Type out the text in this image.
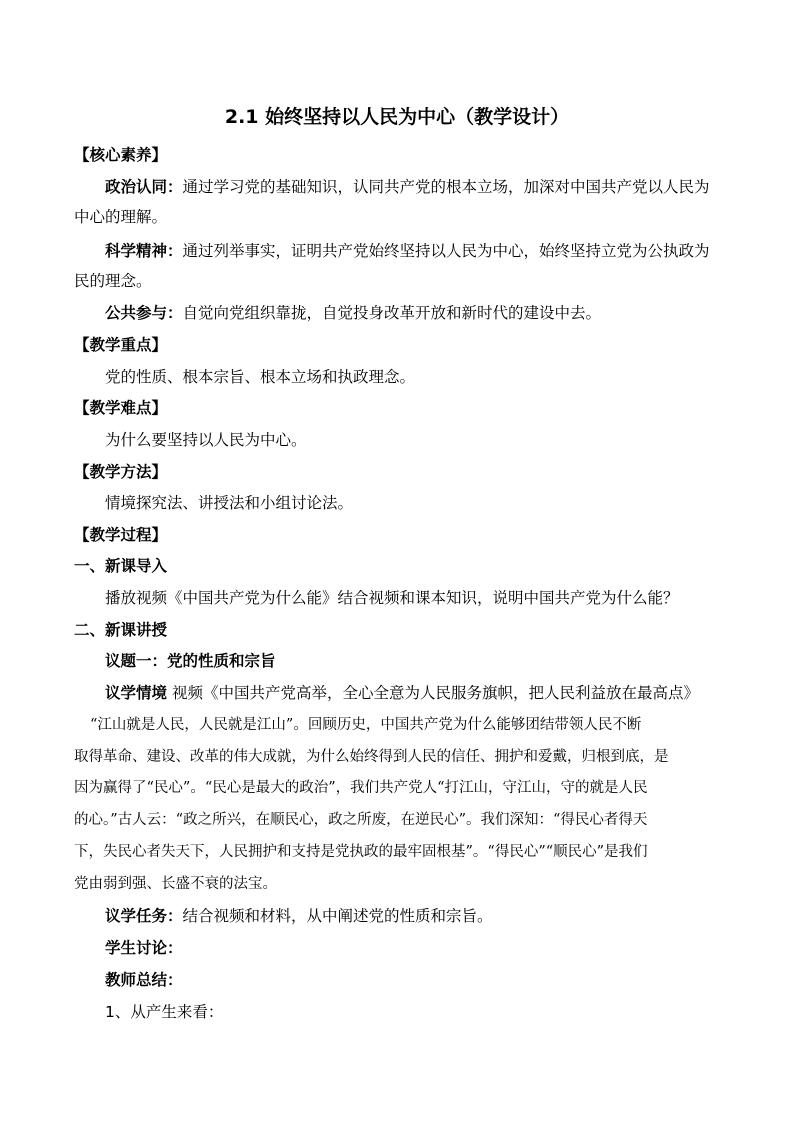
2.1 始终坚持以人民为中心（教学设计）
【核心素养】
政治认同：通过学习党的基础知识，认同共产党的根本立场，加深对中国共产党以人民为
中心的理解。
科学精神：通过列举事实，证明共产党始终坚持以人民为中心，始终坚持立党为公执政为
民的理念。
公共参与：自觉向党组织靠拢，自觉投身改革开放和新时代的建设中去。
【教学重点】
党的性质、根本宗旨、根本立场和执政理念。
【教学难点】
为什么要坚持以人民为中心。
【教学方法】
情境探究法、讲授法和小组讨论法。
【教学过程】
一、新课导入
播放视频《中国共产党为什么能》结合视频和课本知识，说明中国共产党为什么能？
二、新课讲授
议题一：党的性质和宗旨
议学情境 视频《中国共产党高举，全心全意为人民服务旗帜，把人民利益放在最高点》
“江山就是人民，人民就是江山”。回顾历史，中国共产党为什么能够团结带领人民不断
取得革命、建设、改革的伟大成就，为什么始终得到人民的信任、拥护和爱戴，归根到底，是
因为赢得了“民心”。“民心是最大的政治”，我们共产党人“打江山，守江山，守的就是人民
的心。”古人云：“政之所兴，在顺民心，政之所废，在逆民心”。我们深知：“得民心者得天
下，失民心者失天下，人民拥护和支持是党执政的最牢固根基”。“得民心”“顺民心”是我们
党由弱到强、长盛不衰的法宝。
议学任务：结合视频和材料，从中阐述党的性质和宗旨。
学生讨论：
教师总结：
1、从产生来看：
